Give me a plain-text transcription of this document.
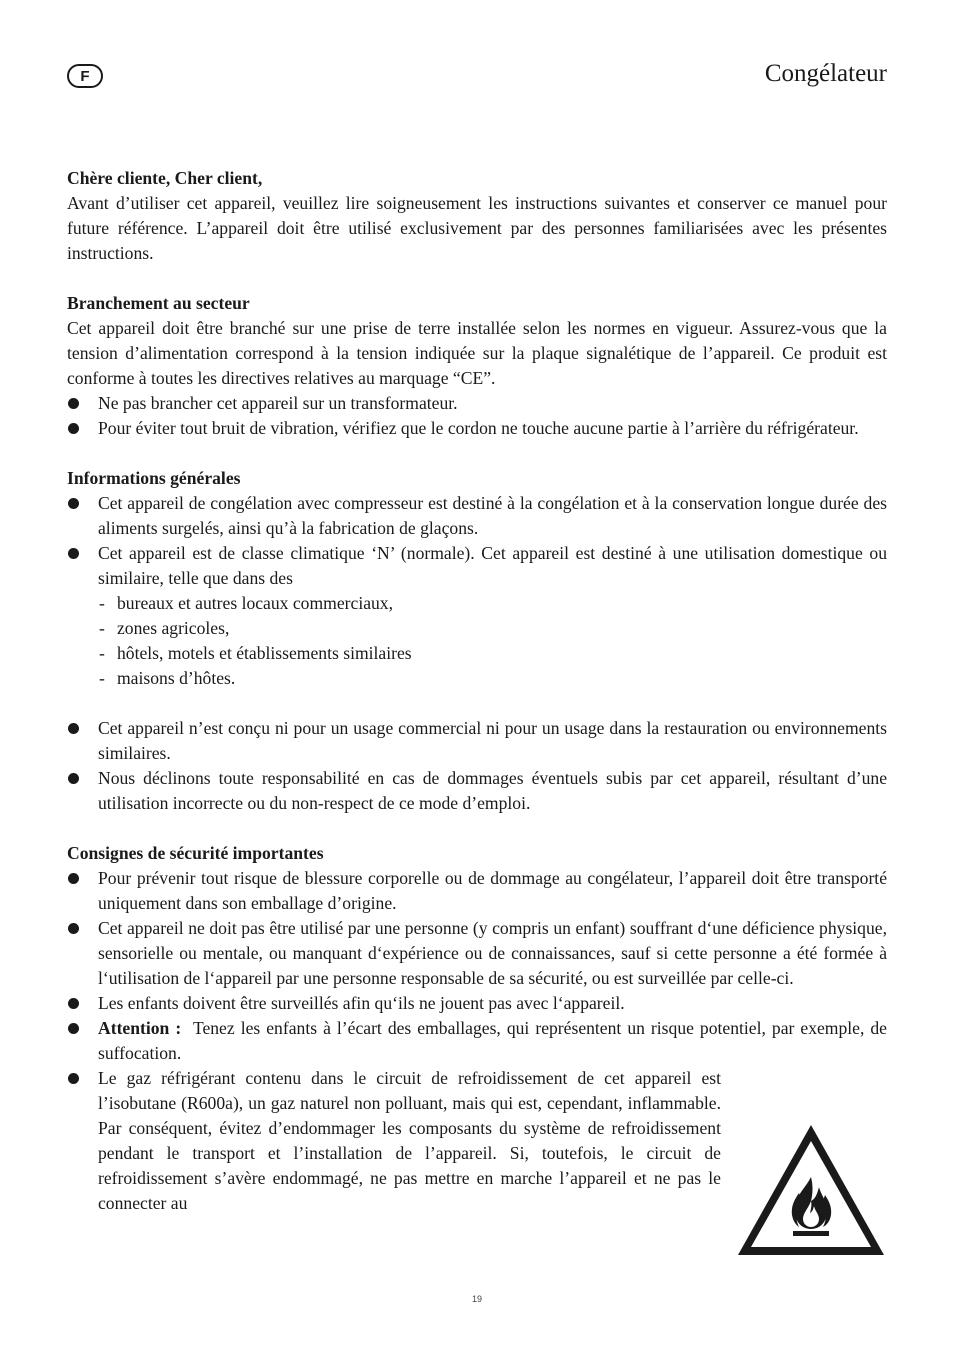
F	Congélateur
Chère cliente, Cher client,

Avant d’utiliser cet appareil, veuillez lire soigneusement les instructions suivantes et conserver ce manuel pour future référence. L’appareil doit être utilisé exclusivement par des personnes familiarisées avec les présentes instructions.

Branchement au secteur

Cet appareil doit être branché sur une prise de terre installée selon les normes en vigueur. Assurez-vous que la tension d’alimentation correspond à la tension indiquée sur la plaque signalétique de l’appareil. Ce produit est conforme à toutes les directives relatives au marquage “CE”.

Ne pas brancher cet appareil sur un transformateur.
Pour éviter tout bruit de vibration, vérifiez que le cordon ne touche aucune partie à l’arrière du réfrigérateur.
Informations générales
Cet appareil de congélation avec compresseur est destiné à la congélation et à la conservation longue durée des aliments surgelés, ainsi qu’à la fabrication de glaçons.
Cet appareil est de classe climatique ‘N’ (normale). Cet appareil est destiné à une utilisation domestique ou similaire, telle que dans des
- bureaux et autres locaux commerciaux,
- zones agricoles,
- hôtels, motels et établissements similaires
- maisons d’hôtes.
Cet appareil n’est conçu ni pour un usage commercial ni pour un usage dans la restauration ou environnements similaires.
Nous déclinons toute responsabilité en cas de dommages éventuels subis par cet appareil, résultant d’une utilisation incorrecte ou du non-respect de ce mode d’emploi.
Consignes de sécurité importantes
Pour prévenir tout risque de blessure corporelle ou de dommage au congélateur, l’appareil doit être transporté uniquement dans son emballage d’origine.
Cet appareil ne doit pas être utilisé par une personne (y compris un enfant) souffrant d‘une déficience physique, sensorielle ou mentale, ou manquant d‘expérience ou de connaissances, sauf si cette personne a été formée à l‘utilisation de l‘appareil par une personne responsable de sa sécurité, ou est surveillée par celle-ci.
Les enfants doivent être surveillés afin qu‘ils ne jouent pas avec l‘appareil.
Attention : Tenez les enfants à l’écart des emballages, qui représentent un risque potentiel, par exemple, de suffocation.
Le gaz réfrigérant contenu dans le circuit de refroidissement de cet appareil est l’isobutane (R600a), un gaz naturel non polluant, mais qui est, cependant, inflammable. Par conséquent, évitez d’endommager les composants du système de refroidissement pendant le transport et l’installation de l’appareil. Si, toutefois, le circuit de refroidissement s’avère endommagé, ne pas mettre en marche l’appareil et ne pas le connecter au
19
